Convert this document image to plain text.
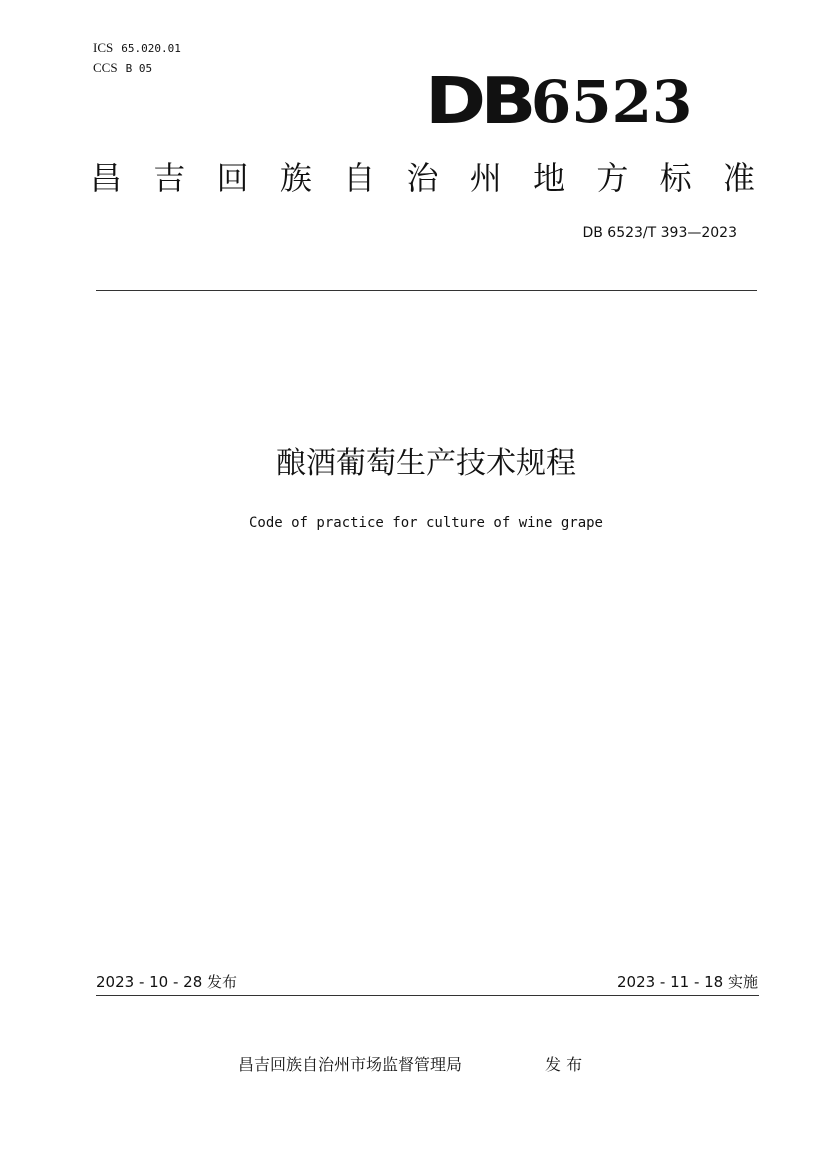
ICS 65.020.01
CCS B 05	DB6523
昌 吉 回 族 自 治 州 地 方 标 准
DB 6523/T 393—2023
酿酒葡萄生产技术规程
Code of practice for culture of wine grape
2023 - 10 - 28 发布	2023 - 11 - 18 实施
昌吉回族自治州市场监督管理局	发 布
